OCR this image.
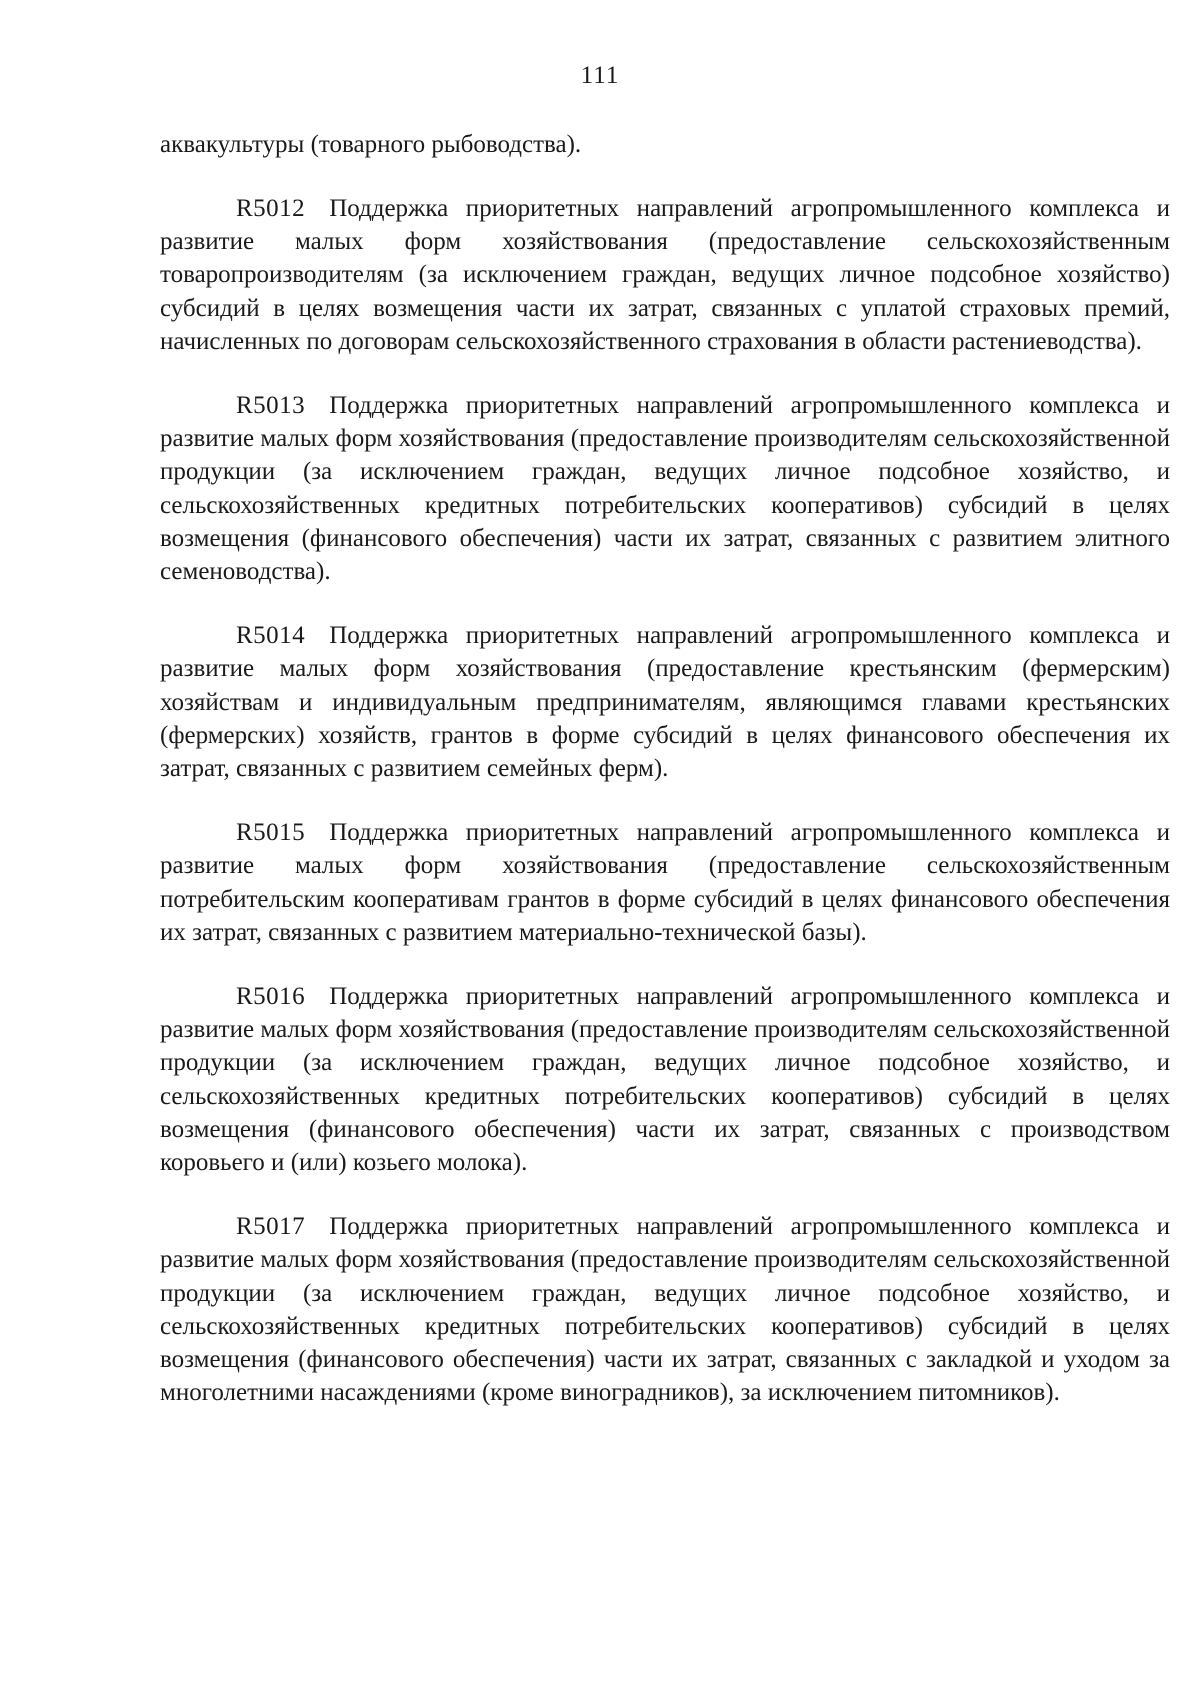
111

аквакультуры (товарного рыбоводства).

R5012 Поддержка приоритетных направлений агропромышленного комплекса и развитие малых форм хозяйствования (предоставление сельскохозяйственным товаропроизводителям (за исключением граждан, ведущих личное подсобное хозяйство) субсидий в целях возмещения части их затрат, связанных с уплатой страховых премий, начисленных по договорам сельскохозяйственного страхования в области растениеводства).

R5013 Поддержка приоритетных направлений агропромышленного комплекса и развитие малых форм хозяйствования (предоставление производителям сельскохозяйственной продукции (за исключением граждан, ведущих личное подсобное хозяйство, и сельскохозяйственных кредитных потребительских кооперативов) субсидий в целях возмещения (финансового обеспечения) части их затрат, связанных с развитием элитного семеноводства).

R5014 Поддержка приоритетных направлений агропромышленного комплекса и развитие малых форм хозяйствования (предоставление крестьянским (фермерским) хозяйствам и индивидуальным предпринимателям, являющимся главами крестьянских (фермерских) хозяйств, грантов в форме субсидий в целях финансового обеспечения их затрат, связанных с развитием семейных ферм).

R5015 Поддержка приоритетных направлений агропромышленного комплекса и развитие малых форм хозяйствования (предоставление сельскохозяйственным потребительским кооперативам грантов в форме субсидий в целях финансового обеспечения их затрат, связанных с развитием материально-технической базы).

R5016 Поддержка приоритетных направлений агропромышленного комплекса и развитие малых форм хозяйствования (предоставление производителям сельскохозяйственной продукции (за исключением граждан, ведущих личное подсобное хозяйство, и сельскохозяйственных кредитных потребительских кооперативов) субсидий в целях возмещения (финансового обеспечения) части их затрат, связанных с производством коровьего и (или) козьего молока).

R5017 Поддержка приоритетных направлений агропромышленного комплекса и развитие малых форм хозяйствования (предоставление производителям сельскохозяйственной продукции (за исключением граждан, ведущих личное подсобное хозяйство, и сельскохозяйственных кредитных потребительских кооперативов) субсидий в целях возмещения (финансового обеспечения) части их затрат, связанных с закладкой и уходом за многолетними насаждениями (кроме виноградников), за исключением питомников).
